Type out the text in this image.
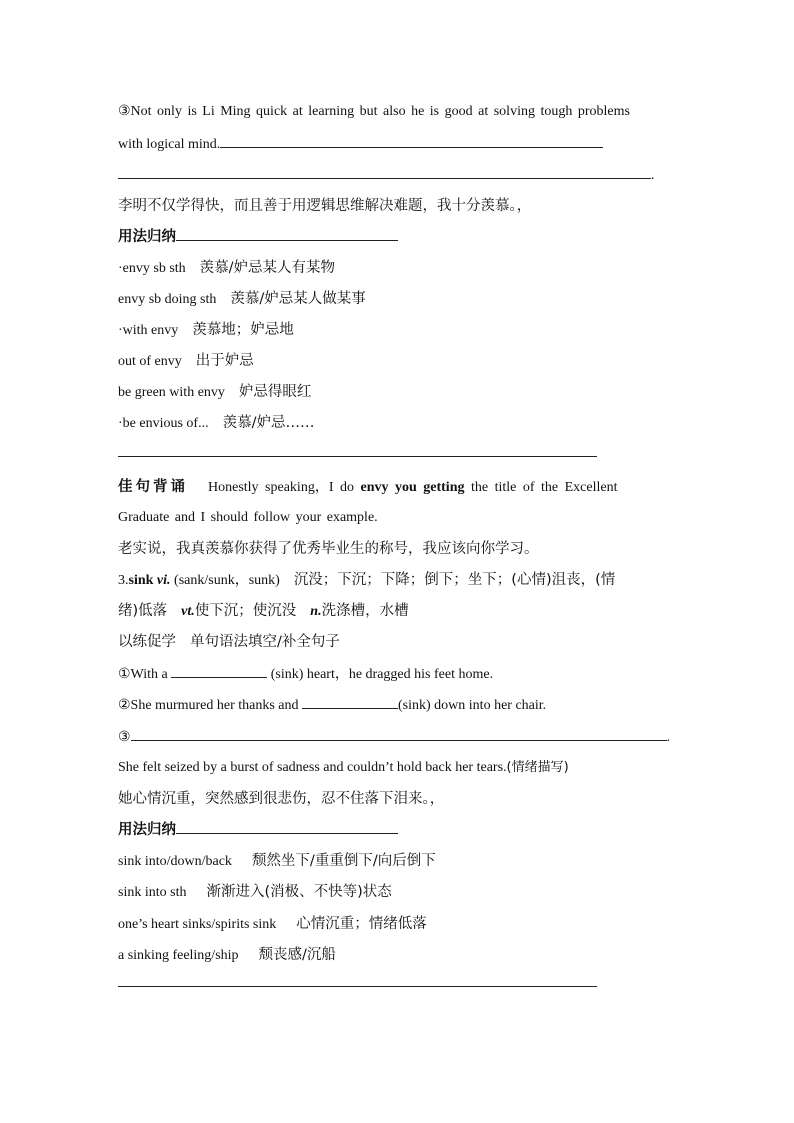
③Not only is Li Ming quick at learning but also he is good at solving tough problems
with logical mind.
.
李明不仅学得快，而且善于用逻辑思维解决难题，我十分羡慕。，
用法归纳
·envy sb sth 羡慕/妒忌某人有某物
envy sb doing sth 羡慕/妒忌某人做某事
·with envy 羡慕地；妒忌地
out of envy 出于妒忌
be green with envy 妒忌得眼红
·be envious of... 羡慕/妒忌……
佳句背诵 Honestly speaking，I do envy you getting the title of the Excellent
Graduate and I should follow your example.
老实说，我真羡慕你获得了优秀毕业生的称号，我应该向你学习。
3.sink vi. (sank/sunk，sunk) 沉没；下沉；下降；倒下；坐下；(心情)沮丧，(情
绪)低落 vt.使下沉；使沉没 n.洗涤槽，水槽
以练促学 单句语法填空/补全句子
①With a	(sink) heart，he dragged his feet home.
②She murmured her thanks and	(sink) down into her chair.
③	.
She felt seized by a burst of sadness and couldn’t hold back her tears.(情绪描写)
她心情沉重，突然感到很悲伤，忍不住落下泪来。，
用法归纳
sink into/down/back 颓然坐下/重重倒下/向后倒下
sink into sth 渐渐进入(消极、不快等)状态
one’s heart sinks/spirits sink 心情沉重；情绪低落
a sinking feeling/ship 颓丧感/沉船
